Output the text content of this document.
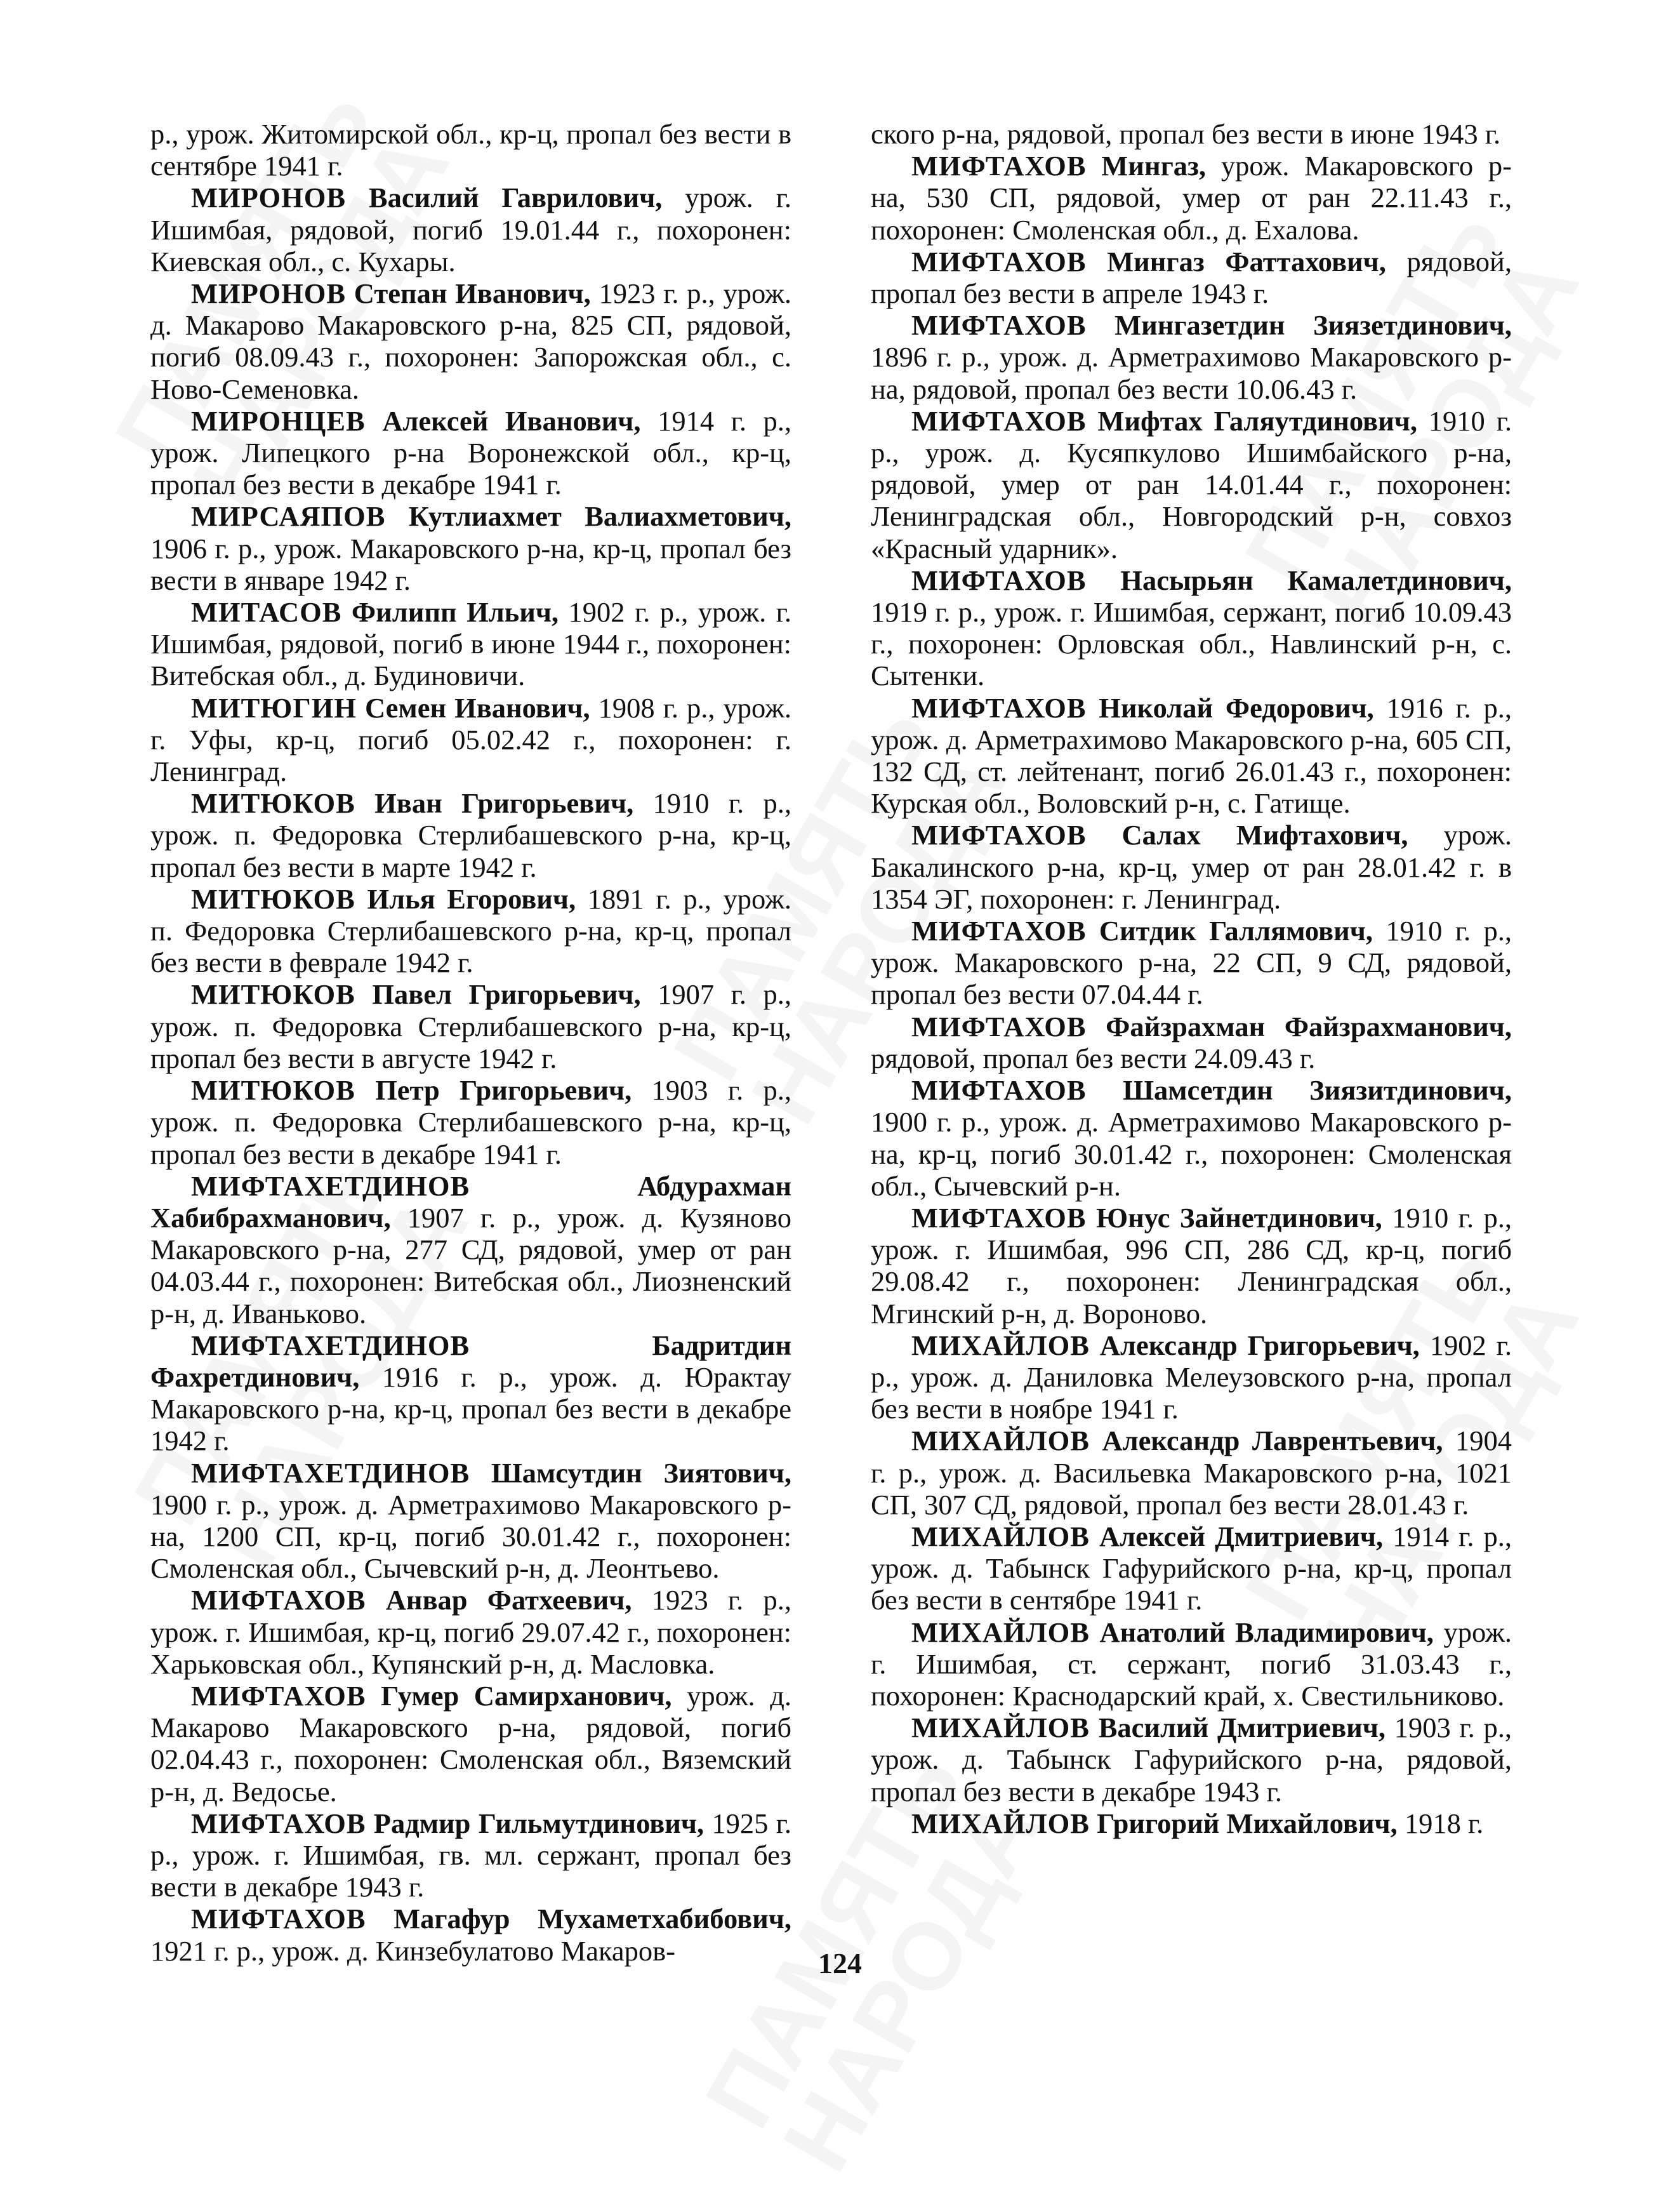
р., урож. Житомирской обл., кр-ц, пропал без вести в сентябре 1941 г.

МИРОНОВ Василий Гаврилович, урож. г. Ишимбая, рядовой, погиб 19.01.44 г., похоронен: Киевская обл., с. Кухары.

МИРОНОВ Степан Иванович, 1923 г. р., урож. д. Макарово Макаровского р-на, 825 СП, рядовой, погиб 08.09.43 г., похоронен: Запорожская обл., с. Ново-Семеновка.

МИРОНЦЕВ Алексей Иванович, 1914 г. р., урож. Липецкого р-на Воронежской обл., кр-ц, пропал без вести в декабре 1941 г.

МИРСАЯПОВ Кутлиахмет Валиахметович, 1906 г. р., урож. Макаровского р-на, кр-ц, пропал без вести в январе 1942 г.

МИТАСОВ Филипп Ильич, 1902 г. р., урож. г. Ишимбая, рядовой, погиб в июне 1944 г., похоронен: Витебская обл., д. Будиновичи.

МИТЮГИН Семен Иванович, 1908 г. р., урож. г. Уфы, кр-ц, погиб 05.02.42 г., похоронен: г. Ленинград.

МИТЮКОВ Иван Григорьевич, 1910 г. р., урож. п. Федоровка Стерлибашевского р-на, кр-ц, пропал без вести в марте 1942 г.

МИТЮКОВ Илья Егорович, 1891 г. р., урож. п. Федоровка Стерлибашевского р-на, кр-ц, пропал без вести в феврале 1942 г.

МИТЮКОВ Павел Григорьевич, 1907 г. р., урож. п. Федоровка Стерлибашевского р-на, кр-ц, пропал без вести в августе 1942 г.

МИТЮКОВ Петр Григорьевич, 1903 г. р., урож. п. Федоровка Стерлибашевского р-на, кр-ц, пропал без вести в декабре 1941 г.

МИФТАХЕТДИНОВ	Абдурахман Хабибрахманович, 1907 г. р., урож. д. Кузяново Макаровского р-на, 277 СД, рядовой, умер от ран 04.03.44 г., похоронен: Витебская обл., Лиозненский р-н, д. Иваньково.

МИФТАХЕТДИНОВ	Бадритдин Фахретдинович, 1916 г. р., урож. д. Юрактау Макаровского р-на, кр-ц, пропал без вести в декабре 1942 г.

МИФТАХЕТДИНОВ Шамсутдин Зиятович, 1900 г. р., урож. д. Арметрахимово Макаровского р-на, 1200 СП, кр-ц, погиб 30.01.42 г., похоронен: Смоленская обл., Сычевский р-н, д. Леонтьево.

МИФТАХОВ Анвар Фатхеевич, 1923 г. р., урож. г. Ишимбая, кр-ц, погиб 29.07.42 г., похоронен: Харьковская обл., Купянский р-н, д. Масловка.

МИФТАХОВ Гумер Самирханович, урож. д. Макарово Макаровского р-на, рядовой, погиб 02.04.43 г., похоронен: Смоленская обл., Вяземский р-н, д. Ведосье.

МИФТАХОВ Радмир Гильмутдинович, 1925 г. р., урож. г. Ишимбая, гв. мл. сержант, пропал без вести в декабре 1943 г.

МИФТАХОВ Магафур Мухаметхабибович, 1921 г. р., урож. д. Кинзебулатово Макаров-

ского р-на, рядовой, пропал без вести в июне 1943 г.

МИФТАХОВ Мингаз, урож. Макаровского р-на, 530 СП, рядовой, умер от ран 22.11.43 г., похоронен: Смоленская обл., д. Ехалова.

МИФТАХОВ Мингаз Фаттахович, рядовой, пропал без вести в апреле 1943 г.

МИФТАХОВ Мингазетдин Зиязетдинович, 1896 г. р., урож. д. Арметрахимово Макаровского р-на, рядовой, пропал без вести 10.06.43 г.

МИФТАХОВ Мифтах Галяутдинович, 1910 г. р., урож. д. Кусяпкулово Ишимбайского р-на, рядовой, умер от ран 14.01.44 г., похоронен: Ленинградская обл., Новгородский р-н, совхоз «Красный ударник».

МИФТАХОВ Насырьян Камалетдинович, 1919 г. р., урож. г. Ишимбая, сержант, погиб 10.09.43 г., похоронен: Орловская обл., Навлинский р-н, с. Сытенки.

МИФТАХОВ Николай Федорович, 1916 г. р., урож. д. Арметрахимово Макаровского р-на, 605 СП, 132 СД, ст. лейтенант, погиб 26.01.43 г., похоронен: Курская обл., Воловский р-н, с. Гатище.

МИФТАХОВ Салах Мифтахович, урож. Бакалинского р-на, кр-ц, умер от ран 28.01.42 г. в 1354 ЭГ, похоронен: г. Ленинград.

МИФТАХОВ Ситдик Галлямович, 1910 г. р., урож. Макаровского р-на, 22 СП, 9 СД, рядовой, пропал без вести 07.04.44 г.

МИФТАХОВ Файзрахман Файзрахманович, рядовой, пропал без вести 24.09.43 г.

МИФТАХОВ Шамсетдин Зиязитдинович, 1900 г. р., урож. д. Арметрахимово Макаровского р-на, кр-ц, погиб 30.01.42 г., похоронен: Смоленская обл., Сычевский р-н.

МИФТАХОВ Юнус Зайнетдинович, 1910 г. р., урож. г. Ишимбая, 996 СП, 286 СД, кр-ц, погиб 29.08.42 г., похоронен: Ленинградская обл., Мгинский р-н, д. Вороново.

МИХАЙЛОВ Александр Григорьевич, 1902 г. р., урож. д. Даниловка Мелеузовского р-на, пропал без вести в ноябре 1941 г.

МИХАЙЛОВ Александр Лаврентьевич, 1904 г. р., урож. д. Васильевка Макаровского р-на, 1021 СП, 307 СД, рядовой, пропал без вести 28.01.43 г.

МИХАЙЛОВ Алексей Дмитриевич, 1914 г. р., урож. д. Табынск Гафурийского р-на, кр-ц, пропал без вести в сентябре 1941 г.

МИХАЙЛОВ Анатолий Владимирович, урож. г. Ишимбая, ст. сержант, погиб 31.03.43 г., похоронен: Краснодарский край, х. Свестильниково.

МИХАЙЛОВ Василий Дмитриевич, 1903 г. р., урож. д. Табынск Гафурийского р-на, рядовой, пропал без вести в декабре 1943 г.

МИХАЙЛОВ Григорий Михайлович, 1918 г.

124
